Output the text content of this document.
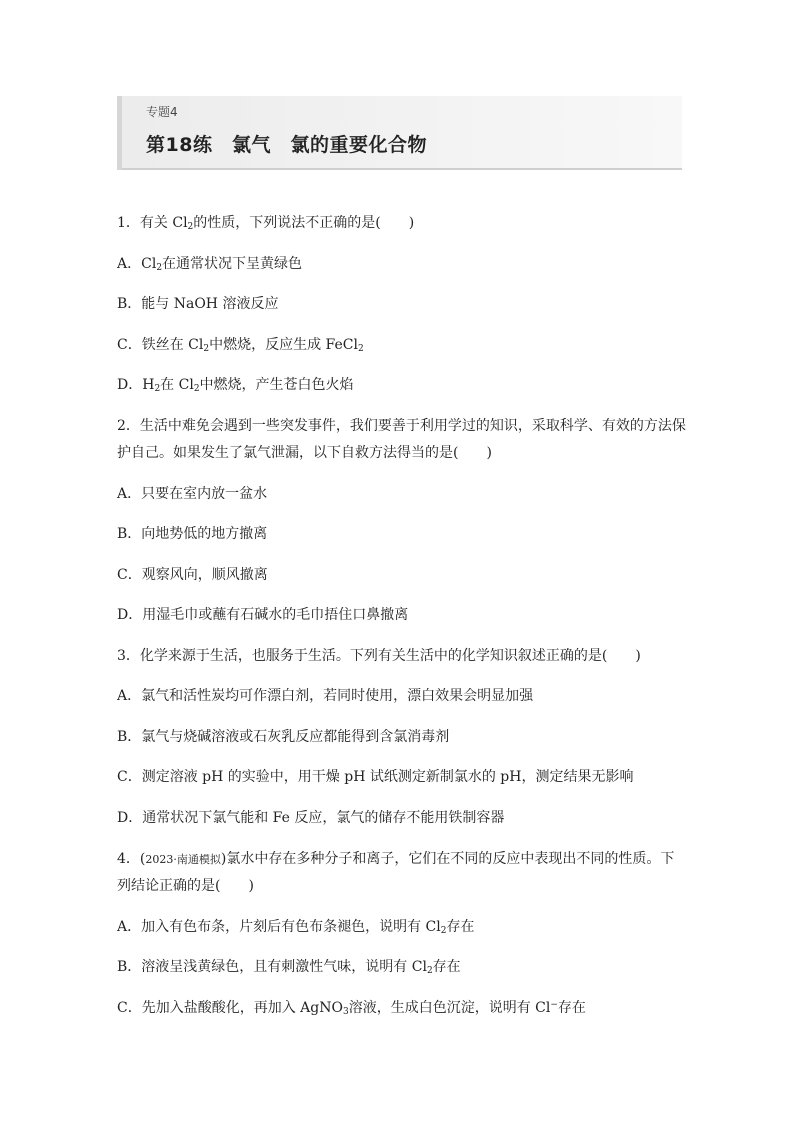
专题4
第18练　氯气　氯的重要化合物
1．有关 $Cl_2$的性质，下列说法不正确的是(　　)
A．$Cl_2$在通常状况下呈黄绿色
B．能与 NaOH 溶液反应
C．铁丝在 $Cl_2$中燃烧，反应生成 FeCl$_2$
D．$H_2$在 $Cl_2$中燃烧，产生苍白色火焰
2．生活中难免会遇到一些突发事件，我们要善于利用学过的知识，采取科学、有效的方法保
护自己。如果发生了氯气泄漏，以下自救方法得当的是(　　)
A．只要在室内放一盆水
B．向地势低的地方撤离
C．观察风向，顺风撤离
D．用湿毛巾或蘸有石碱水的毛巾捂住口鼻撤离
3．化学来源于生活，也服务于生活。下列有关生活中的化学知识叙述正确的是(　　)
A．氯气和活性炭均可作漂白剂，若同时使用，漂白效果会明显加强
B．氯气与烧碱溶液或石灰乳反应都能得到含氯消毒剂
C．测定溶液 pH 的实验中，用干燥 pH 试纸测定新制氯水的 pH，测定结果无影响
D．通常状况下氯气能和 Fe 反应，氯气的储存不能用铁制容器
4．(2023·南通模拟)氯水中存在多种分子和离子，它们在不同的反应中表现出不同的性质。下
列结论正确的是(　　)
A．加入有色布条，片刻后有色布条褪色，说明有 $Cl_2$存在
B．溶液呈浅黄绿色，且有刺激性气味，说明有 $Cl_2$存在
C．先加入盐酸酸化，再加入 AgNO$_3$溶液，生成白色沉淀，说明有 Cl−存在
